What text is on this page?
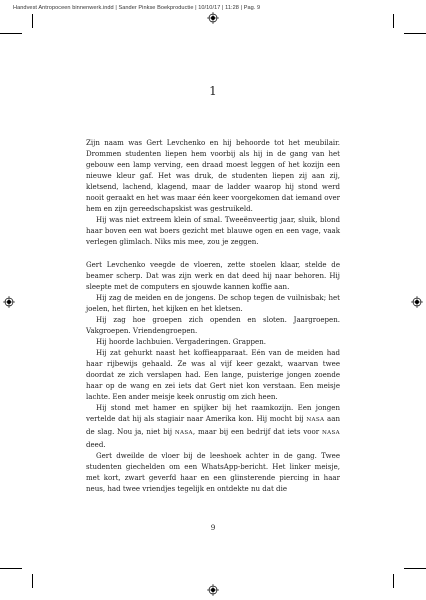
Handvest Antropoceen binnenwerk.indd | Sander Pinkse Boekproductie | 10/10/17 | 11:28 | Pag. 9
1

Zijn naam was Gert Levchenko en hij behoorde tot het meubilair. Drommen studenten liepen hem voorbij als hij in de gang van het gebouw een lamp verving, een draad moest leggen of het kozijn een nieuwe kleur gaf. Het was druk, de studenten liepen zij aan zij, kletsend, lachend, klagend, maar de ladder waarop hij stond werd nooit geraakt en het was maar één keer voorgekomen dat iemand over hem en zijn gereedschapskist was gestruikeld.

Hij was niet extreem klein of smal. Tweeënveertig jaar, sluik, blond haar boven een wat boers gezicht met blauwe ogen en een vage, vaak verlegen glimlach. Niks mis mee, zou je zeggen.

Gert Levchenko veegde de vloeren, zette stoelen klaar, stelde de beamer scherp. Dat was zijn werk en dat deed hij naar behoren. Hij sleepte met de computers en sjouwde kannen koffie aan.

Hij zag de meiden en de jongens. De schop tegen de vuilnisbak; het joelen, het flirten, het kijken en het kletsen.

Hij zag hoe groepen zich openden en sloten. Jaargroepen. Vakgroepen. Vriendengroepen.

Hij hoorde lachbuien. Vergaderingen. Grappen.

Hij zat gehurkt naast het koffieapparaat. Eén van de meiden had haar rijbewijs gehaald. Ze was al vijf keer gezakt, waarvan twee doordat ze zich verslapen had. Een lange, puisterige jongen zoende haar op de wang en zei iets dat Gert niet kon verstaan. Een meisje lachte. Een ander meisje keek onrustig om zich heen.

Hij stond met hamer en spijker bij het raamkozijn. Een jongen vertelde dat hij als stagiair naar Amerika kon. Hij mocht bij NASA aan de slag. Nou ja, niet bij NASA, maar bij een bedrijf dat iets voor NASA deed.

Gert dweilde de vloer bij de leeshoek achter in de gang. Twee studenten giechelden om een WhatsApp-bericht. Het linker meisje, met kort, zwart geverfd haar en een glinsterende piercing in haar neus, had twee vriendjes tegelijk en ontdekte nu dat die

9
